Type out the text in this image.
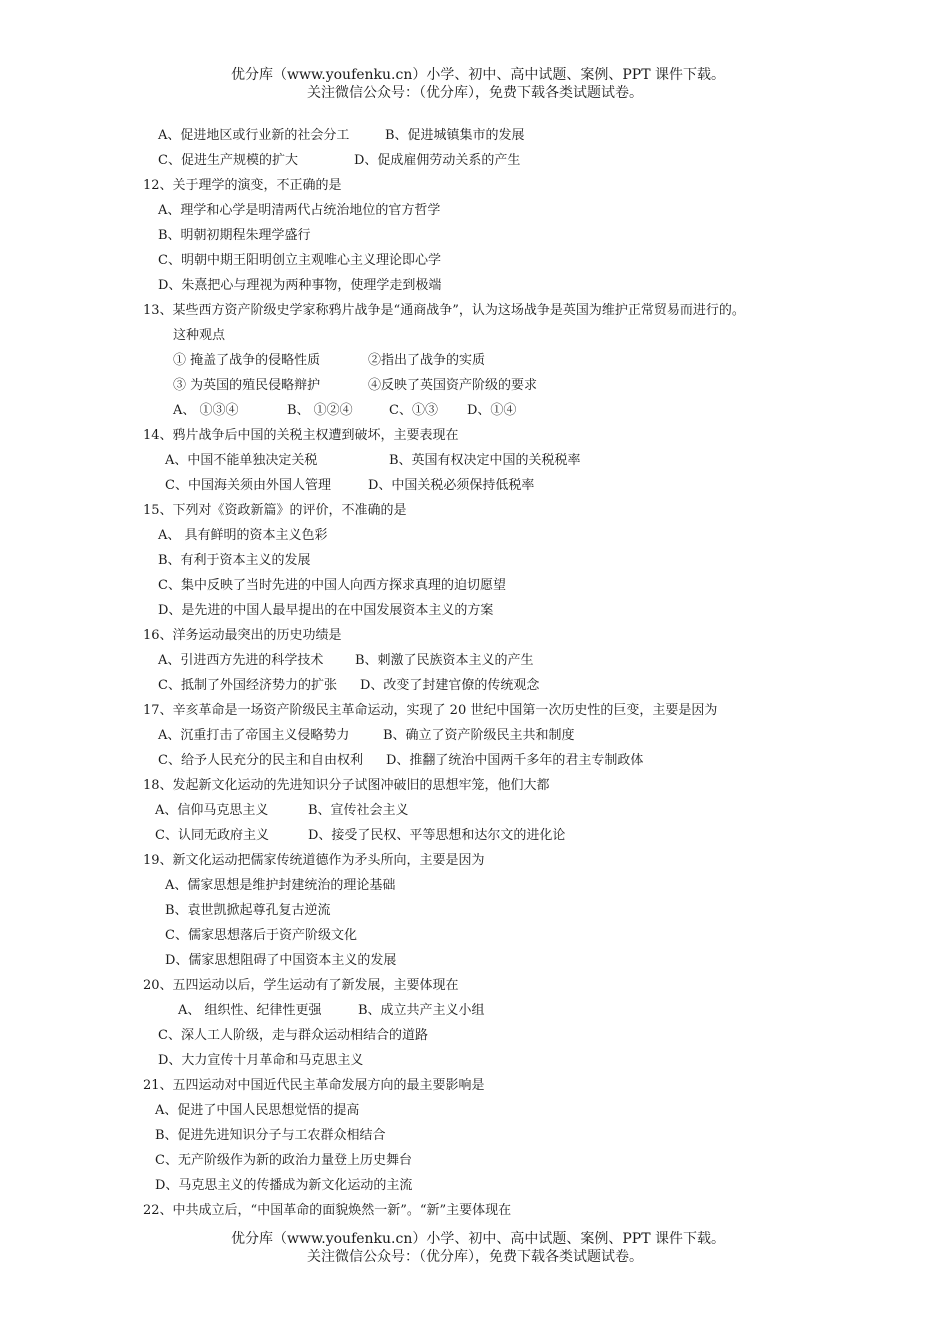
优分库（www.youfenku.cn）小学、初中、高中试题、案例、PPT 课件下载。
关注微信公众号：（优分库），免费下载各类试题试卷。
A、促进地区或行业新的社会分工	B、促进城镇集市的发展
C、促进生产规模的扩大	D、促成雇佣劳动关系的产生
12、关于理学的演变，不正确的是
A、理学和心学是明清两代占统治地位的官方哲学
B、明朝初期程朱理学盛行
C、明朝中期王阳明创立主观唯心主义理论即心学
D、朱熹把心与理视为两种事物，使理学走到极端
13、某些西方资产阶级史学家称鸦片战争是“通商战争”，认为这场战争是英国为维护正常贸易而进行的。
这种观点
① 掩盖了战争的侵略性质	②指出了战争的实质
③ 为英国的殖民侵略辩护	④反映了英国资产阶级的要求
A、 ①③④	B、 ①②④	C、①③ D、①④
14、鸦片战争后中国的关税主权遭到破坏，主要表现在
A、中国不能单独决定关税	B、英国有权决定中国的关税税率
C、中国海关须由外国人管理	D、中国关税必须保持低税率
15、下列对《资政新篇》的评价，不准确的是
A、 具有鲜明的资本主义色彩
B、有利于资本主义的发展
C、集中反映了当时先进的中国人向西方探求真理的迫切愿望
D、是先进的中国人最早提出的在中国发展资本主义的方案
16、洋务运动最突出的历史功绩是
A、引进西方先进的科学技术 B、刺激了民族资本主义的产生
C、抵制了外国经济势力的扩张 D、改变了封建官僚的传统观念
17、辛亥革命是一场资产阶级民主革命运动，实现了 20 世纪中国第一次历史性的巨变，主要是因为
A、沉重打击了帝国主义侵略势力	B、确立了资产阶级民主共和制度
C、给予人民充分的民主和自由权利 D、推翻了统治中国两千多年的君主专制政体
18、发起新文化运动的先进知识分子试图冲破旧的思想牢笼，他们大都
A、信仰马克思主义	B、宣传社会主义
C、认同无政府主义	D、接受了民权、平等思想和达尔文的进化论
19、新文化运动把儒家传统道德作为矛头所向，主要是因为
A、儒家思想是维护封建统治的理论基础
B、袁世凯掀起尊孔复古逆流
C、儒家思想落后于资产阶级文化
D、儒家思想阻碍了中国资本主义的发展
20、五四运动以后，学生运动有了新发展，主要体现在
A、 组织性、纪律性更强	B、成立共产主义小组
C、深人工人阶级，走与群众运动相结合的道路
D、大力宣传十月革命和马克思主义
21、五四运动对中国近代民主革命发展方向的最主要影响是
A、促进了中国人民思想觉悟的提高
B、促进先进知识分子与工农群众相结合
C、无产阶级作为新的政治力量登上历史舞台
D、马克思主义的传播成为新文化运动的主流
22、中共成立后，“中国革命的面貌焕然一新”。“新”主要体现在
优分库（www.youfenku.cn）小学、初中、高中试题、案例、PPT 课件下载。
关注微信公众号：（优分库），免费下载各类试题试卷。
